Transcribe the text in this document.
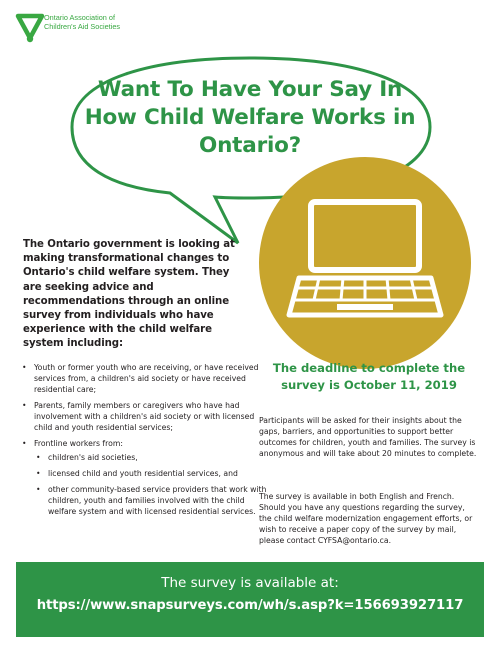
Ontario Association of
Children's Aid Societies
Want To Have Your Say In How Child Welfare Works in Ontario?
The Ontario government is looking at making transformational changes to Ontario's child welfare system. They are seeking advice and recommendations through an online survey from individuals who have experience with the child welfare system including:
• Youth or former youth who are receiving, or have received services from, a children's aid society or have received residential care;
• Parents, family members or caregivers who have had involvement with a children's aid society or with licensed child and youth residential services;
• Frontline workers from:
• children's aid societies,
• licensed child and youth residential services, and
• other community-based service providers that work with children, youth and families involved with the child welfare system and with licensed residential services.
The deadline to complete the survey is October 11, 2019
Participants will be asked for their insights about the gaps, barriers, and opportunities to support better outcomes for children, youth and families. The survey is anonymous and will take about 20 minutes to complete.
The survey is available in both English and French. Should you have any questions regarding the survey, the child welfare modernization engagement efforts, or wish to receive a paper copy of the survey by mail, please contact CYFSA@ontario.ca.
The survey is available at:
https://www.snapsurveys.com/wh/s.asp?k=156693927117
